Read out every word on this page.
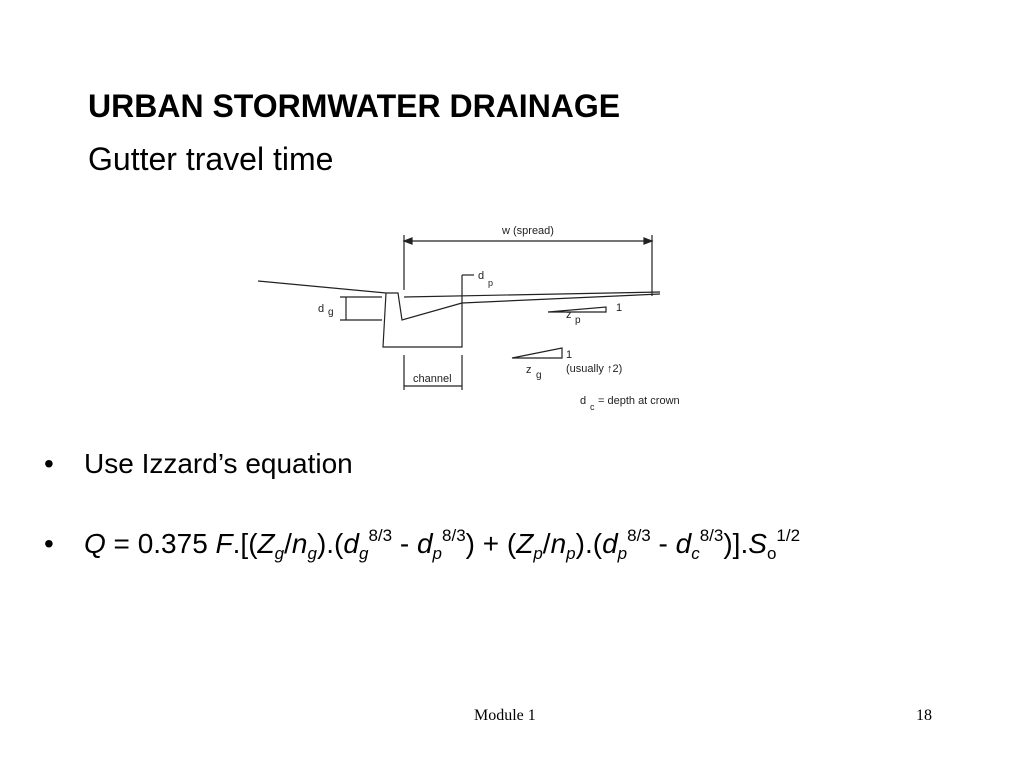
URBAN STORMWATER DRAINAGE
Gutter travel time
w (spread)
d
p
d g	z p
1
z g
1
(usually ↑2)
channel
d c = depth at crown
• Use Izzard’s equation
• Q = 0.375 $F.[(Z_g/n_g).(d_g^{8/3} - d_p^{8/3}) + (Z_p/n_p).(d_p^{8/3} - d_c^{8/3})].S_o^{1/2}$
Module 1	18
